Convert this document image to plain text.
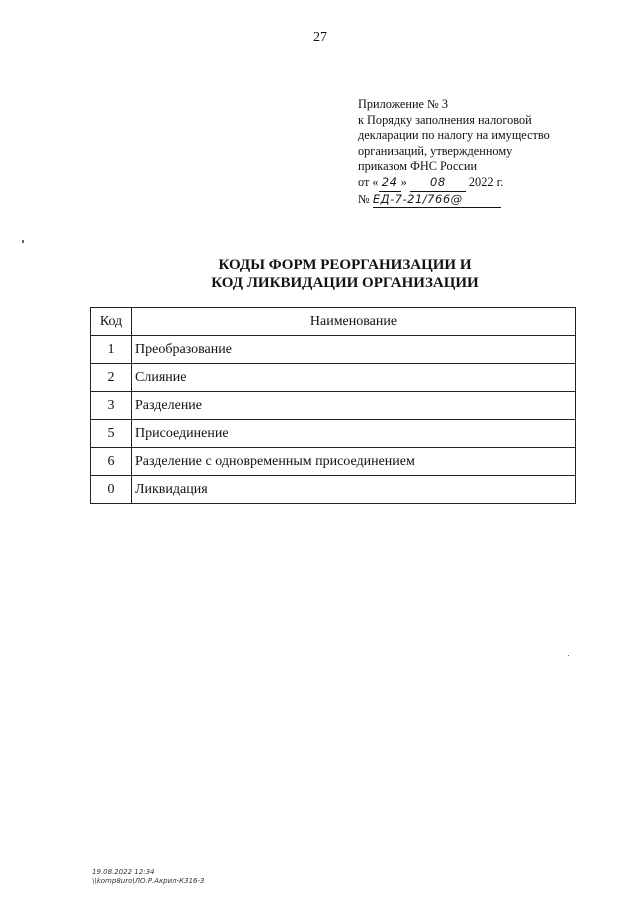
27
Приложение № 3
к Порядку заполнения налоговой
декларации по налогу на имущество
организаций, утвержденному
приказом ФНС России
от « 24 » 08 2022 г.
№ ЕД-7-21/766@
КОДЫ ФОРМ РЕОРГАНИЗАЦИИ И
КОД ЛИКВИДАЦИИ ОРГАНИЗАЦИИ
Код	Наименование
1	Преобразование
2	Слияние
3	Разделение
5	Присоединение
6	Разделение с одновременным присоединением
0	Ликвидация
19.08.2022 12:34
\\komp8uro\ЛО.Р.Акрил-К316-3
